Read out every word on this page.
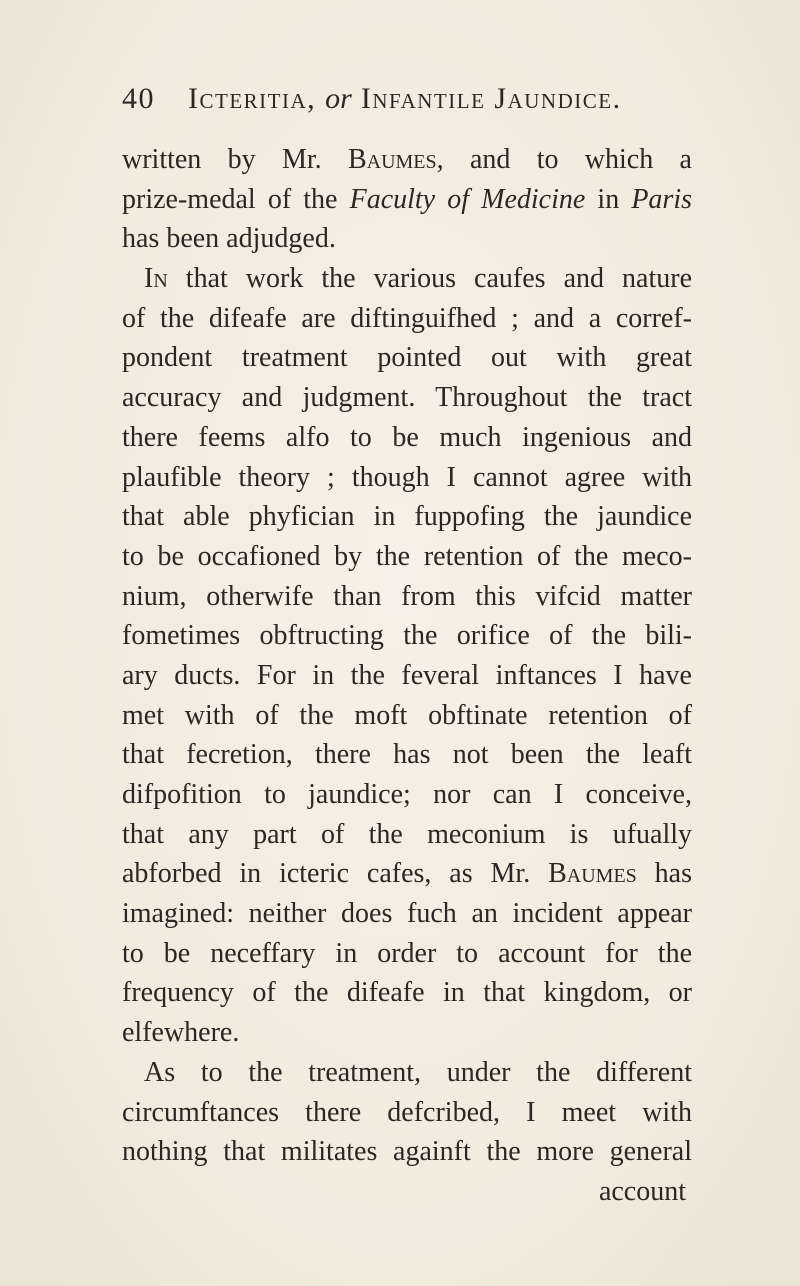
40 Icteritia, or Infantile Jaundice.
written by Mr. Baumes, and to which a
prize-medal of the Faculty of Medicine in Paris
has been adjudged.
In that work the various caufes and nature
of the difeafe are diftinguifhed ; and a corref-
pondent treatment pointed out with great
accuracy and judgment. Throughout the tract
there feems alfo to be much ingenious and
plaufible theory ; though I cannot agree with
that able phyfician in fuppofing the jaundice
to be occafioned by the retention of the meco-
nium, otherwife than from this vifcid matter
fometimes obftructing the orifice of the bili-
ary ducts. For in the feveral inftances I have
met with of the moft obftinate retention of
that fecretion, there has not been the leaft
difpofition to jaundice; nor can I conceive,
that any part of the meconium is ufually
abforbed in icteric cafes, as Mr. Baumes has
imagined: neither does fuch an incident appear
to be neceffary in order to account for the
frequency of the difeafe in that kingdom, or
elfewhere.
As to the treatment, under the different
circumftances there defcribed, I meet with
nothing that militates againft the more general
account
